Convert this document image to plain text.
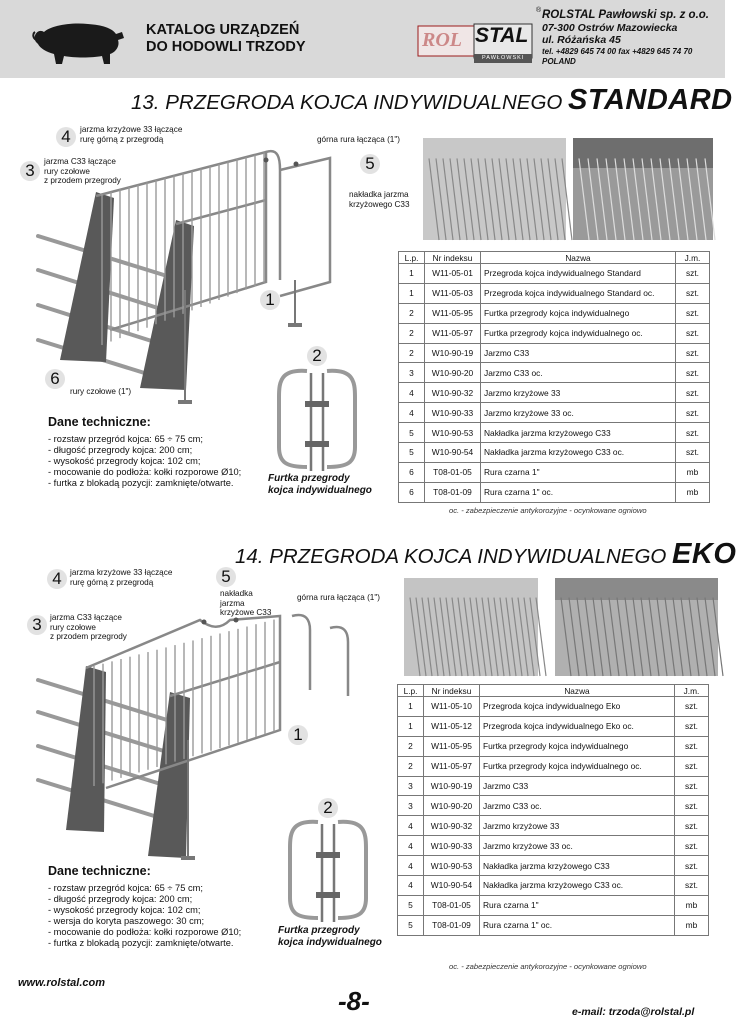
KATALOG URZĄDZEŃ
DO HODOWLI TRZODY	ROL STAL
PAWŁOWSKI
® ROLSTAL Pawłowski sp. z o.o.
07-300 Ostrów Mazowiecka
ul. Różańska 45
tel. +4829 645 74 00 fax +4829 645 74 70
POLAND
13. PRZEGRODA KOJCA INDYWIDUALNEGO STANDARD
4	jarzma krzyżowe 33 łączące
rurę górną z przegrodą	górna rura łącząca (1")
5
nakładka jarzma
krzyżowego C33
3	jarzma C33 łączące
rury czołowe
z przodem przegrody
1
6
rury czołowe (1")
2
Dane techniczne:
- rozstaw przegród kojca: 65 ÷ 75 cm;
- długość przegrody kojca: 200 cm;
- wysokość przegrody kojca: 102 cm;
- mocowanie do podłoża: kołki rozporowe Ø10;
- furtka z blokadą pozycji: zamknięte/otwarte.	Furtka przegrody
kojca indywidualnego
L.p.	Nr indeksu	Nazwa	J.m.
1	W11-05-01	Przegroda kojca indywidualnego Standard	szt.
1	W11-05-03	Przegroda kojca indywidualnego Standard oc.	szt.
2	W11-05-95	Furtka przegrody kojca indywidualnego	szt.
2	W11-05-97	Furtka przegrody kojca indywidualnego oc.	szt.
2	W10-90-19	Jarzmo C33	szt.
3	W10-90-20	Jarzmo C33 oc.	szt.
4	W10-90-32	Jarzmo krzyżowe 33	szt.
4	W10-90-33	Jarzmo krzyżowe 33 oc.	szt.
5	W10-90-53	Nakładka jarzma krzyżowego C33	szt.
5	W10-90-54	Nakładka jarzma krzyżowego C33 oc.	szt.
6	T08-01-05	Rura czarna 1"	mb
6	T08-01-09	Rura czarna 1" oc.	mb
oc. - zabezpieczenie antykorozyjne - ocynkowane ogniowo
14. PRZEGRODA KOJCA INDYWIDUALNEGO EKO
4	jarzma krzyżowe 33 łączące
rurę górną z przegrodą	5
nakładka
jarzma
krzyżowe C33
górna rura łącząca (1")
3	jarzma C33 łączące
rury czołowe
z przodem przegrody
1
2
Dane techniczne:
- rozstaw przegród kojca: 65 ÷ 75 cm;
- długość przegrody kojca: 200 cm;
- wysokość przegrody kojca: 102 cm;
- wersja do koryta paszowego: 30 cm;
- mocowanie do podłoża: kołki rozporowe Ø10;
- furtka z blokadą pozycji: zamknięte/otwarte.
Furtka przegrody
kojca indywidualnego
L.p.	Nr indeksu	Nazwa	J.m.
1	W11-05-10	Przegroda kojca indywidualnego Eko	szt.
1	W11-05-12	Przegroda kojca indywidualnego Eko oc.	szt.
2	W11-05-95	Furtka przegrody kojca indywidualnego	szt.
2	W11-05-97	Furtka przegrody kojca indywidualnego oc.	szt.
3	W10-90-19	Jarzmo C33	szt.
3	W10-90-20	Jarzmo C33 oc.	szt.
4	W10-90-32	Jarzmo krzyżowe 33	szt.
4	W10-90-33	Jarzmo krzyżowe 33 oc.	szt.
4	W10-90-53	Nakładka jarzma krzyżowego C33	szt.
4	W10-90-54	Nakładka jarzma krzyżowego C33 oc.	szt.
5	T08-01-05	Rura czarna 1"	mb
5	T08-01-09	Rura czarna 1" oc.	mb
oc. - zabezpieczenie antykorozyjne - ocynkowane ogniowo
www.rolstal.com
-8-	e-mail: trzoda@rolstal.pl
